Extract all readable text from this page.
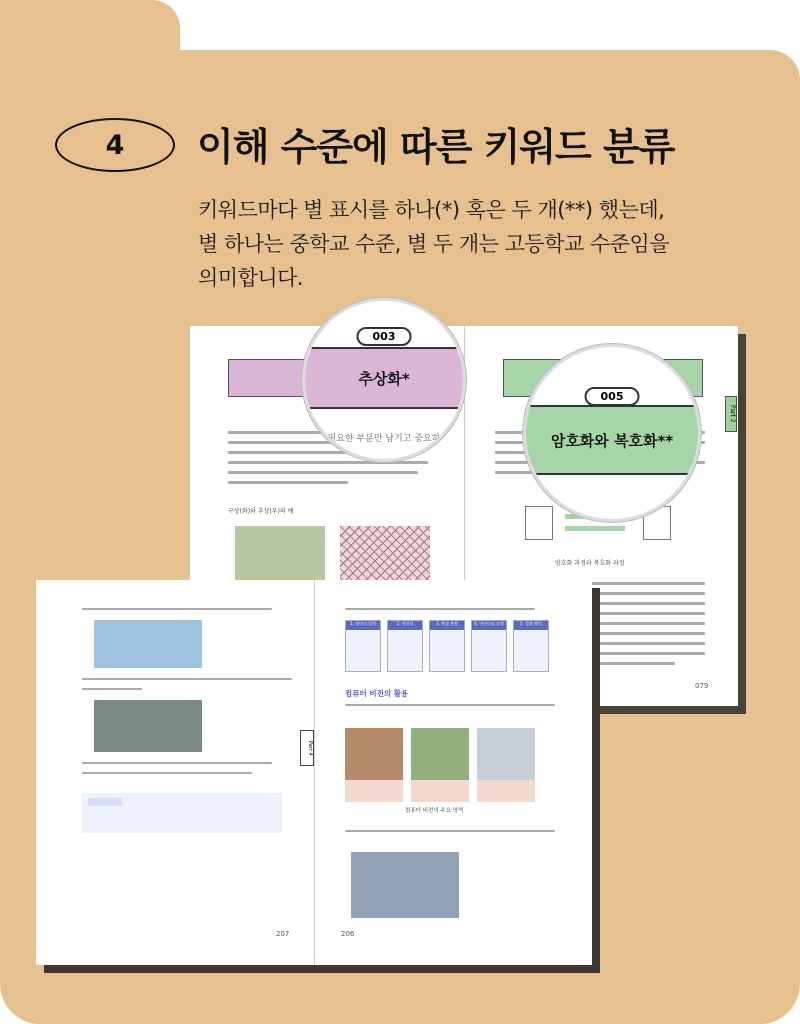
4 이해 수준에 따른 키워드 분류

키워드마다 별 표시를 하나(*) 혹은 두 개(**) 했는데,

별 하나는 중학교 수준, 별 두 개는 고등학교 수준임을

의미합니다.

구상(좌)와 추상(우)의 예
Part 2
암호화 과정과 복호화 과정
079
003
추상화*
필요한 부분만 남기고 중요하
005
암호화와 복호화**
Part 4
207
1. 데이터 입력	2. 전처리	3. 특징 추출	4. 머신러닝 모델	5. 결과 해석
컴퓨터 비전의 활용
컴퓨터 비전의 주요 영역
206
